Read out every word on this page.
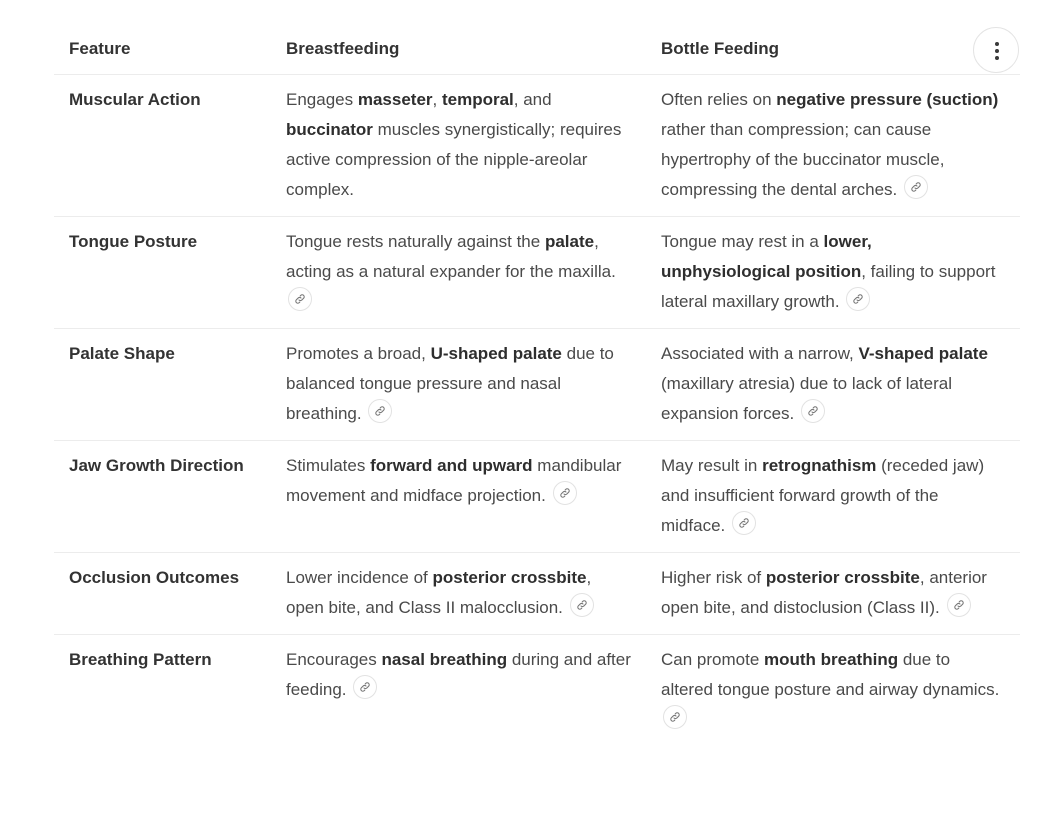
Feature	Breastfeeding	Bottle Feeding
Muscular Action	Engages masseter, temporal, and buccinator muscles synergistically; requires active compression of the nipple-areolar complex.	Often relies on negative pressure (suction) rather than compression; can cause hypertrophy of the buccinator muscle, compressing the dental arches.

Tongue Posture	Tongue rests naturally against the palate, acting as a natural expander for the maxilla.	Tongue may rest in a lower, unphysiological position, failing to support lateral maxillary growth.

Palate Shape	Promotes a broad, U-shaped palate due to balanced tongue pressure and nasal breathing.	Associated with a narrow, V-shaped palate (maxillary atresia) due to lack of lateral expansion forces.

Jaw Growth Direction	Stimulates forward and upward mandibular movement and midface projection.	May result in retrognathism (receded jaw) and insufficient forward growth of the midface.

Occlusion Outcomes	Lower incidence of posterior crossbite, open bite, and Class II malocclusion.	Higher risk of posterior crossbite, anterior open bite, and distoclusion (Class II).

Breathing Pattern	Encourages nasal breathing during and after feeding.	Can promote mouth breathing due to altered tongue posture and airway dynamics.
